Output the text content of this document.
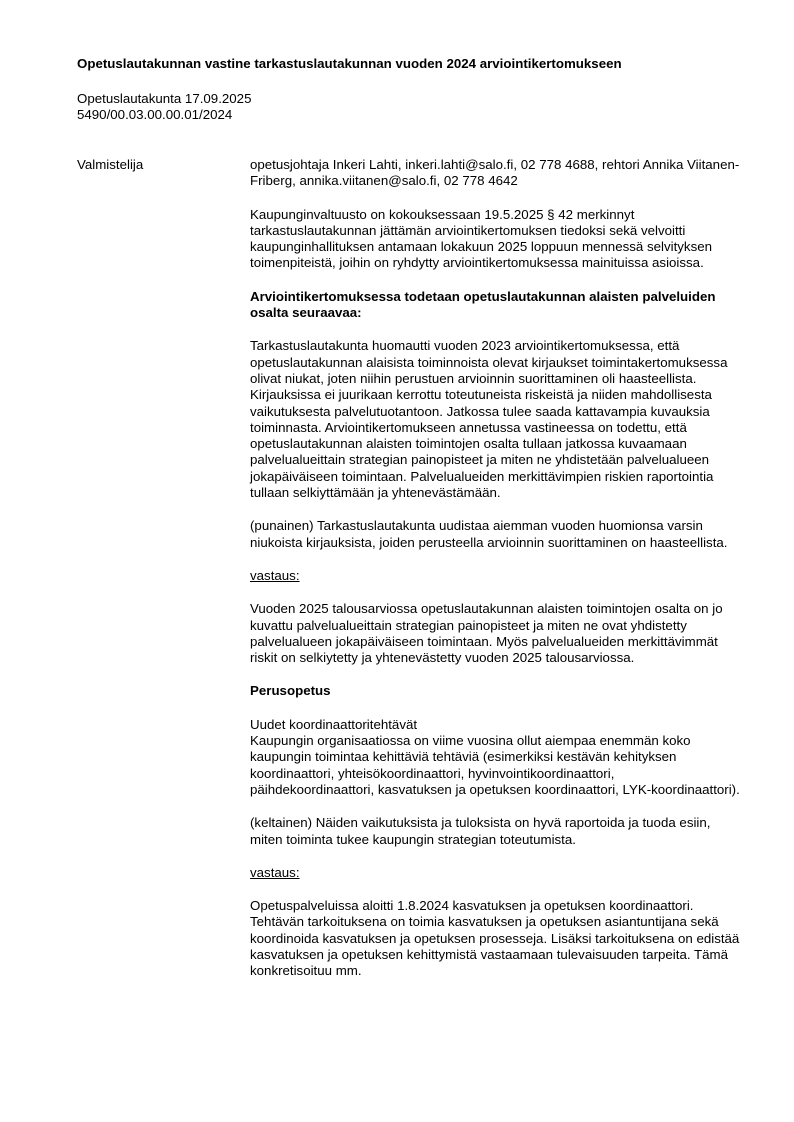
Opetuslautakunnan vastine tarkastuslautakunnan vuoden 2024 arviointikertomukseen
Opetuslautakunta 17.09.2025
5490/00.03.00.00.01/2024
Valmistelija	opetusjohtaja Inkeri Lahti, inkeri.lahti@salo.fi, 02 778 4688, rehtori Annika Viitanen-Friberg, annika.viitanen@salo.fi, 02 778 4642

Kaupunginvaltuusto on kokouksessaan 19.5.2025 § 42 merkinnyt tarkastuslautakunnan jättämän arviointikertomuksen tiedoksi sekä velvoitti kaupunginhallituksen antamaan lokakuun 2025 loppuun mennessä selvityksen toimenpiteistä, joihin on ryhdytty arviointikertomuksessa mainituissa asioissa.

Arviointikertomuksessa todetaan opetuslautakunnan alaisten palveluiden osalta seuraavaa:

Tarkastuslautakunta huomautti vuoden 2023 arviointikertomuksessa, että opetuslautakunnan alaisista toiminnoista olevat kirjaukset toimintakertomuksessa olivat niukat, joten niihin perustuen arvioinnin suorittaminen oli haasteellista. Kirjauksissa ei juurikaan kerrottu toteutuneista riskeistä ja niiden mahdollisesta vaikutuksesta palvelutuotantoon. Jatkossa tulee saada kattavampia kuvauksia toiminnasta. Arviointikertomukseen annetussa vastineessa on todettu, että opetuslautakunnan alaisten toimintojen osalta tullaan jatkossa kuvaamaan palvelualueittain strategian painopisteet ja miten ne yhdistetään palvelualueen jokapäiväiseen toimintaan. Palvelualueiden merkittävimpien riskien raportointia tullaan selkiyttämään ja yhtenevästämään.

(punainen) Tarkastuslautakunta uudistaa aiemman vuoden huomionsa varsin niukoista kirjauksista, joiden perusteella arvioinnin suorittaminen on haasteellista.

vastaus:

Vuoden 2025 talousarviossa opetuslautakunnan alaisten toimintojen osalta on jo kuvattu palvelualueittain strategian painopisteet ja miten ne ovat yhdistetty palvelualueen jokapäiväiseen toimintaan. Myös palvelualueiden merkittävimmät riskit on selkiytetty ja yhtenevästetty vuoden 2025 talousarviossa.

Perusopetus

Uudet koordinaattoritehtävät

Kaupungin organisaatiossa on viime vuosina ollut aiempaa enemmän koko kaupungin toimintaa kehittäviä tehtäviä (esimerkiksi kestävän kehityksen koordinaattori, yhteisökoordinaattori, hyvinvointikoordinaattori, päihdekoordinaattori, kasvatuksen ja opetuksen koordinaattori, LYK-koordinaattori).

(keltainen) Näiden vaikutuksista ja tuloksista on hyvä raportoida ja tuoda esiin, miten toiminta tukee kaupungin strategian toteutumista.

vastaus:

Opetuspalveluissa aloitti 1.8.2024 kasvatuksen ja opetuksen koordinaattori. Tehtävän tarkoituksena on toimia kasvatuksen ja opetuksen asiantuntijana sekä koordinoida kasvatuksen ja opetuksen prosesseja. Lisäksi tarkoituksena on edistää kasvatuksen ja opetuksen kehittymistä vastaamaan tulevaisuuden tarpeita. Tämä konkretisoituu mm.
